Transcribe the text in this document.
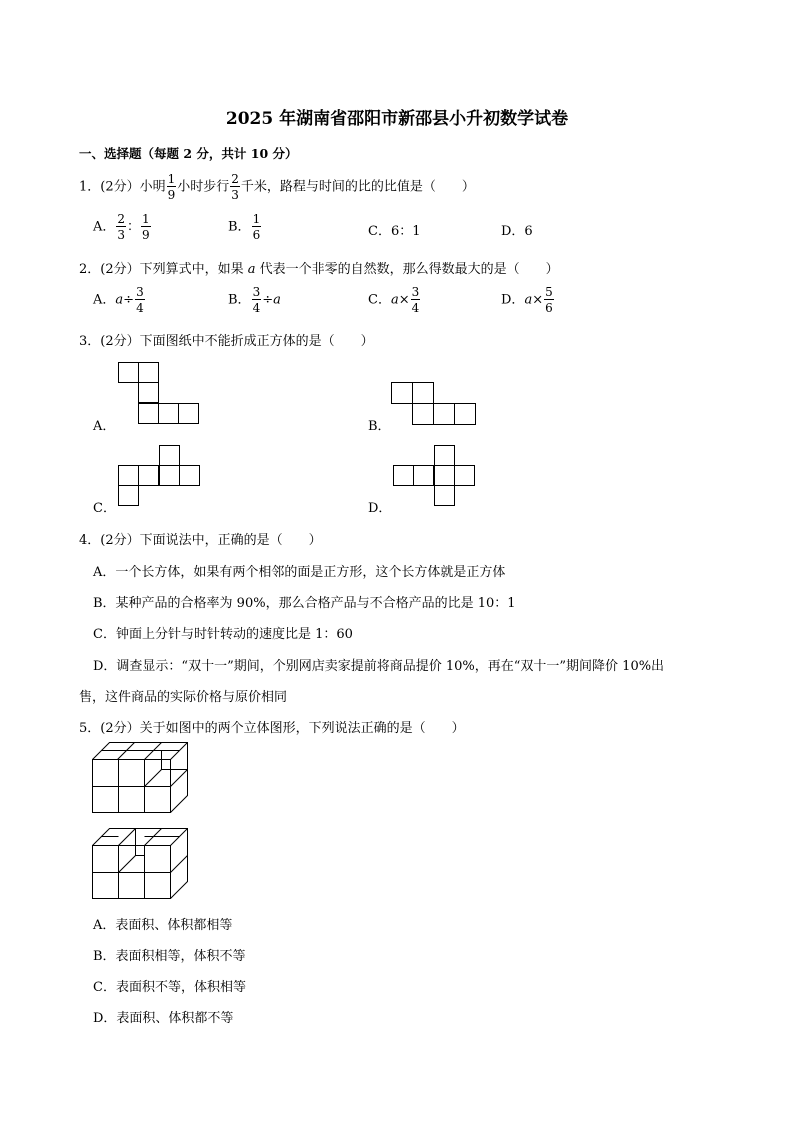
2025 年湖南省邵阳市新邵县小升初数学试卷
一、选择题（每题 2 分，共计 10 分）
1．(2分）小明 $\frac{1}{9}$ 小时步行 $\frac{2}{3}$ 千米，路程与时间的比的比值是（　　）
A． $\frac{2}{3}$ ： $\frac{1}{9}$	B． $\frac{1}{6}$	C．6：1	D．6
2．(2分）下列算式中，如果 a 代表一个非零的自然数，那么得数最大的是（　　）
A．$a\div \frac{3}{4}$	B． $\frac{3}{4} \div a$	C．$a\times \frac{3}{4}$	D．$a\times \frac{5}{6}$
3．(2分）下面图纸中不能折成正方体的是（　　）
A．	B．
C．	D．
4．(2分）下面说法中，正确的是（　　）
A．一个长方体，如果有两个相邻的面是正方形，这个长方体就是正方体
B．某种产品的合格率为 90%，那么合格产品与不合格产品的比是 10：1
C．钟面上分针与时针转动的速度比是 1：60
D．调查显示：“双十一”期间，个别网店卖家提前将商品提价 10%，再在“双十一”期间降价 10%出
售，这件商品的实际价格与原价相同
5．(2分）关于如图中的两个立体图形，下列说法正确的是（　　）
A．表面积、体积都相等
B．表面积相等，体积不等
C．表面积不等，体积相等
D．表面积、体积都不等
